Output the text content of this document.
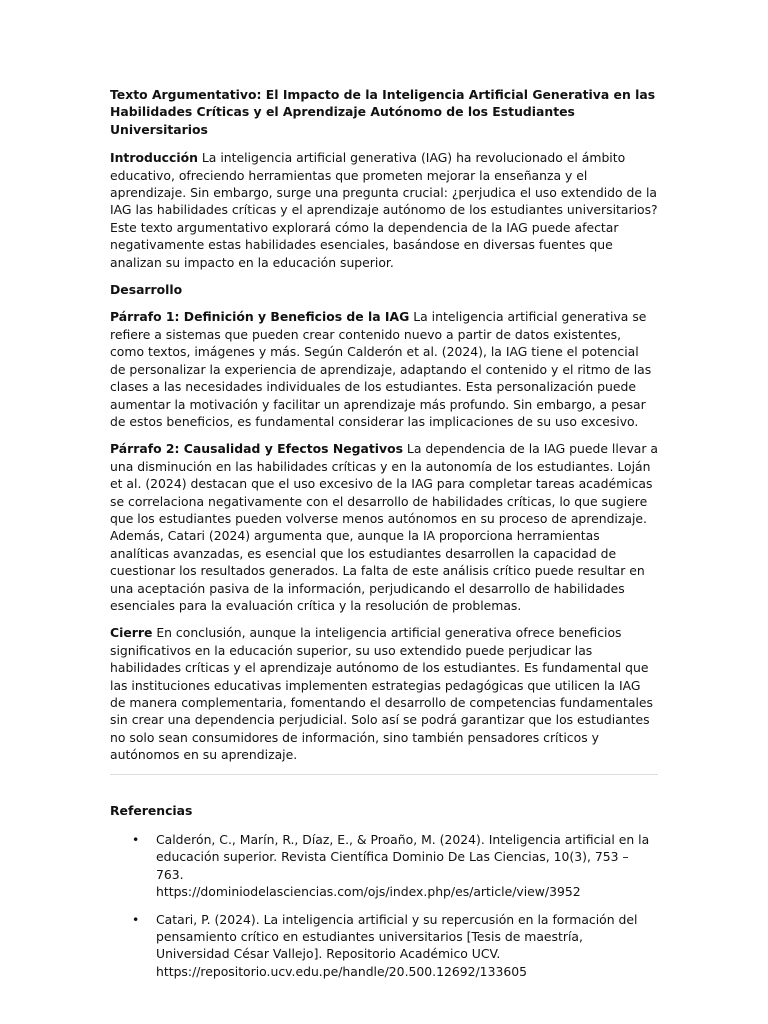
Texto Argumentativo: El Impacto de la Inteligencia Artificial Generativa en las Habilidades Críticas y el Aprendizaje Autónomo de los Estudiantes Universitarios

Introducción La inteligencia artificial generativa (IAG) ha revolucionado el ámbito educativo, ofreciendo herramientas que prometen mejorar la enseñanza y el aprendizaje. Sin embargo, surge una pregunta crucial: ¿perjudica el uso extendido de la IAG las habilidades críticas y el aprendizaje autónomo de los estudiantes universitarios? Este texto argumentativo explorará cómo la dependencia de la IAG puede afectar negativamente estas habilidades esenciales, basándose en diversas fuentes que analizan su impacto en la educación superior.

Desarrollo

Párrafo 1: Definición y Beneficios de la IAG La inteligencia artificial generativa se refiere a sistemas que pueden crear contenido nuevo a partir de datos existentes, como textos, imágenes y más. Según Calderón et al. (2024), la IAG tiene el potencial de personalizar la experiencia de aprendizaje, adaptando el contenido y el ritmo de las clases a las necesidades individuales de los estudiantes. Esta personalización puede aumentar la motivación y facilitar un aprendizaje más profundo. Sin embargo, a pesar de estos beneficios, es fundamental considerar las implicaciones de su uso excesivo.

Párrafo 2: Causalidad y Efectos Negativos La dependencia de la IAG puede llevar a una disminución en las habilidades críticas y en la autonomía de los estudiantes. Loján et al. (2024) destacan que el uso excesivo de la IAG para completar tareas académicas se correlaciona negativamente con el desarrollo de habilidades críticas, lo que sugiere que los estudiantes pueden volverse menos autónomos en su proceso de aprendizaje. Además, Catari (2024) argumenta que, aunque la IA proporciona herramientas analíticas avanzadas, es esencial que los estudiantes desarrollen la capacidad de cuestionar los resultados generados. La falta de este análisis crítico puede resultar en una aceptación pasiva de la información, perjudicando el desarrollo de habilidades esenciales para la evaluación crítica y la resolución de problemas.

Cierre En conclusión, aunque la inteligencia artificial generativa ofrece beneficios significativos en la educación superior, su uso extendido puede perjudicar las habilidades críticas y el aprendizaje autónomo de los estudiantes. Es fundamental que las instituciones educativas implementen estrategias pedagógicas que utilicen la IAG de manera complementaria, fomentando el desarrollo de competencias fundamentales sin crear una dependencia perjudicial. Solo así se podrá garantizar que los estudiantes no solo sean consumidores de información, sino también pensadores críticos y autónomos en su aprendizaje.

Referencias
• Calderón, C., Marín, R., Díaz, E., & Proaño, M. (2024). Inteligencia artificial en la educación superior. Revista Científica Dominio De Las Ciencias, 10(3), 753 – 763.
https://dominiodelasciencias.com/ojs/index.php/es/article/view/3952
• Catari, P. (2024). La inteligencia artificial y su repercusión en la formación del pensamiento crítico en estudiantes universitarios [Tesis de maestría, Universidad César Vallejo]. Repositorio Académico UCV.
https://repositorio.ucv.edu.pe/handle/20.500.12692/133605
